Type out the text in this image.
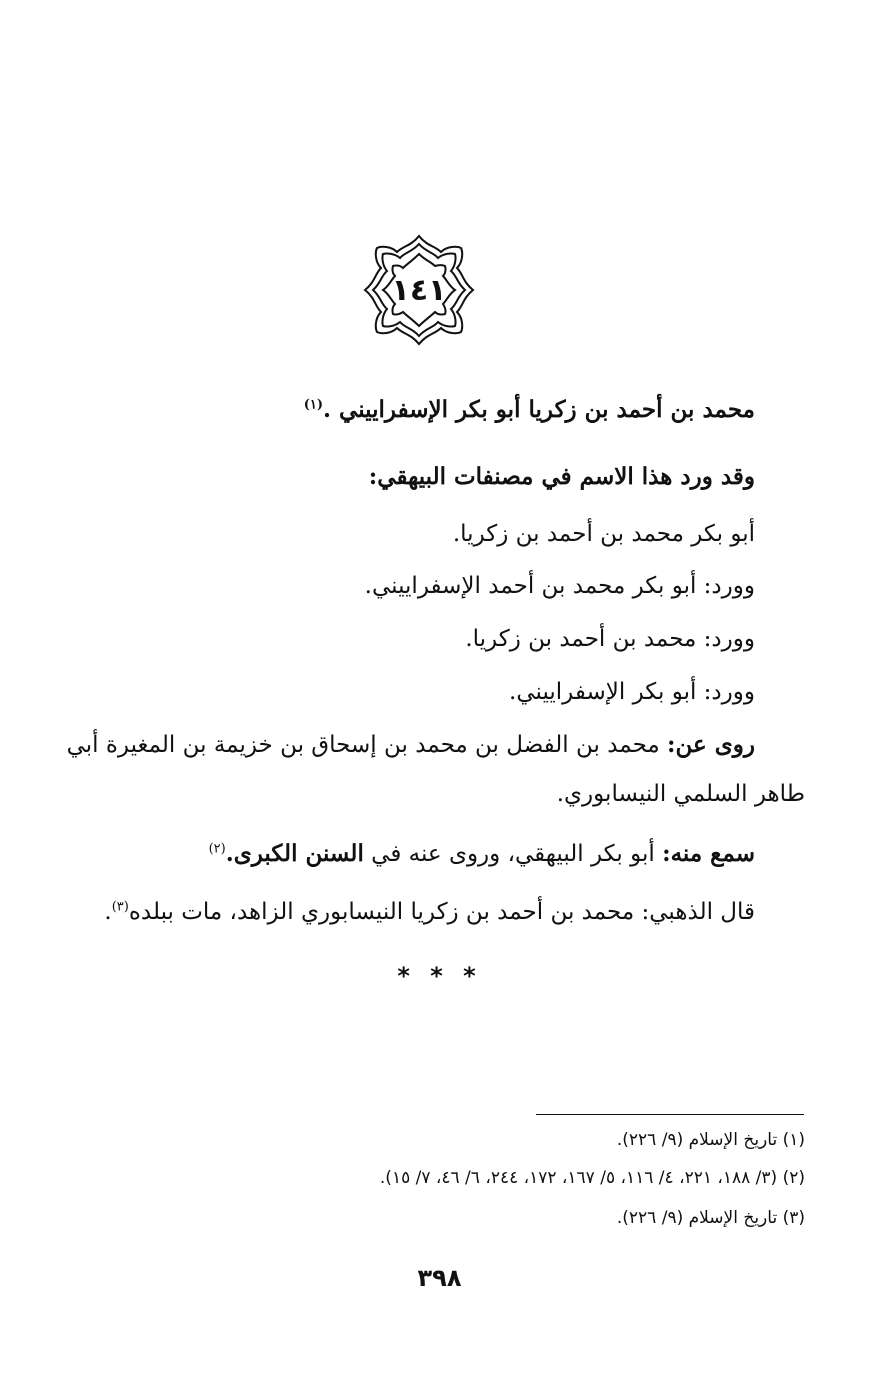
١٤١
محمد بن أحمد بن زكريا أبو بكر الإسفراييني .$^{(١)}$
وقد ورد هذا الاسم في مصنفات البيهقي:
أبو بكر محمد بن أحمد بن زكريا.
وورد: أبو بكر محمد بن أحمد الإسفراييني.
وورد: محمد بن أحمد بن زكريا.
وورد: أبو بكر الإسفراييني.
روى عن: محمد بن الفضل بن محمد بن إسحاق بن خزيمة بن المغيرة أبي
طاهر السلمي النيسابوري.
سمع منه: أبو بكر البيهقي، وروى عنه في السنن الكبرى.$^{(٢)}$
قال الذهبي: محمد بن أحمد بن زكريا النيسابوري الزاهد، مات ببلده$^{(٣)}$.
* * *
(١) تاريخ الإسلام (٩/ ٢٢٦).
(٢) (٣/ ١٨٨، ٢٢١، ٤/ ١١٦، ٥/ ١٦٧، ١٧٢، ٢٤٤، ٦/ ٤٦، ٧/ ١٥).
(٣) تاريخ الإسلام (٩/ ٢٢٦).
٣٩٨
